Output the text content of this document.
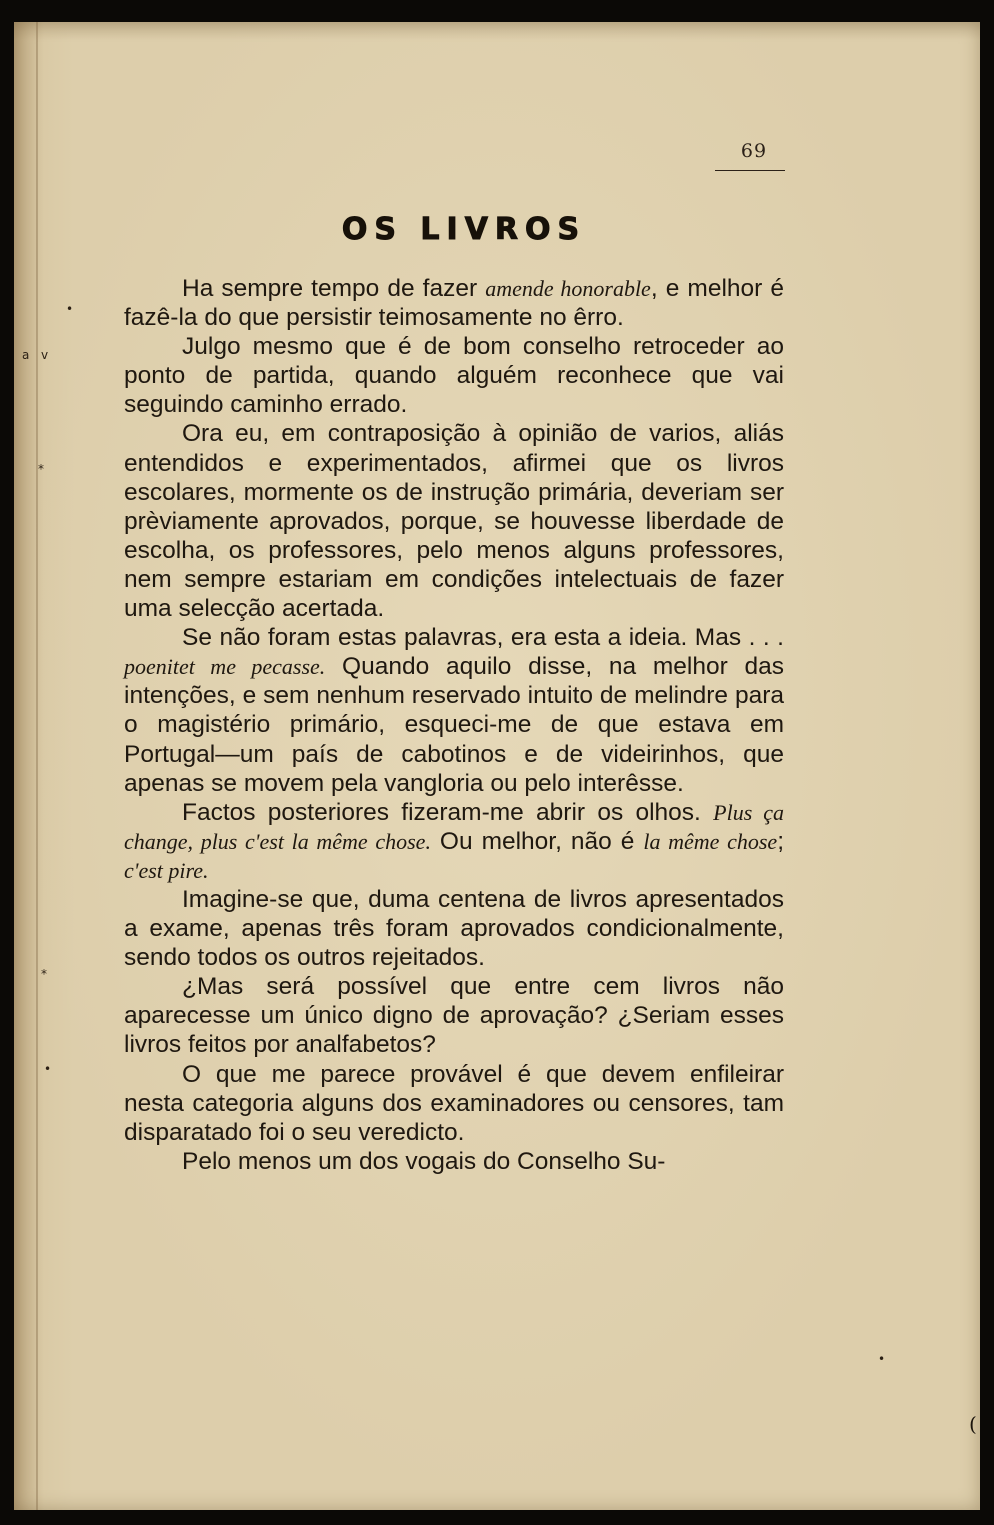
•
a v
*
*
•
•
69
OS LIVROS

Ha sempre tempo de fazer amende honorable, e melhor é fazê-la do que persistir teimosamente no êrro.

Julgo mesmo que é de bom conselho retroceder ao ponto de partida, quando alguém reconhece que vai seguindo caminho errado.

Ora eu, em contraposição à opinião de varios, aliás entendidos e experimentados, afirmei que os livros escolares, mormente os de instrução primária, deveriam ser prèviamente aprovados, porque, se houvesse liberdade de escolha, os professores, pelo menos alguns professores, nem sempre estariam em condições intelectuais de fazer uma selecção acertada.

Se não foram estas palavras, era esta a ideia. Mas . . . poenitet me pecasse. Quando aquilo disse, na melhor das intenções, e sem nenhum reservado intuito de melindre para o magistério primário, esqueci-me de que estava em Portugal—um país de cabotinos e de videirinhos, que apenas se movem pela vangloria ou pelo interêsse.

Factos posteriores fizeram-me abrir os olhos. Plus ça change, plus c'est la même chose. Ou melhor, não é la même chose; c'est pire.

Imagine-se que, duma centena de livros apresentados a exame, apenas três foram aprovados condicionalmente, sendo todos os outros rejeitados.

¿Mas será possível que entre cem livros não aparecesse um único digno de aprovação? ¿Seriam esses livros feitos por analfabetos?

O que me parece provável é que devem enfileirar nesta categoria alguns dos examinadores ou censores, tam disparatado foi o seu veredicto.

Pelo menos um dos vogais do Conselho Su-

(
